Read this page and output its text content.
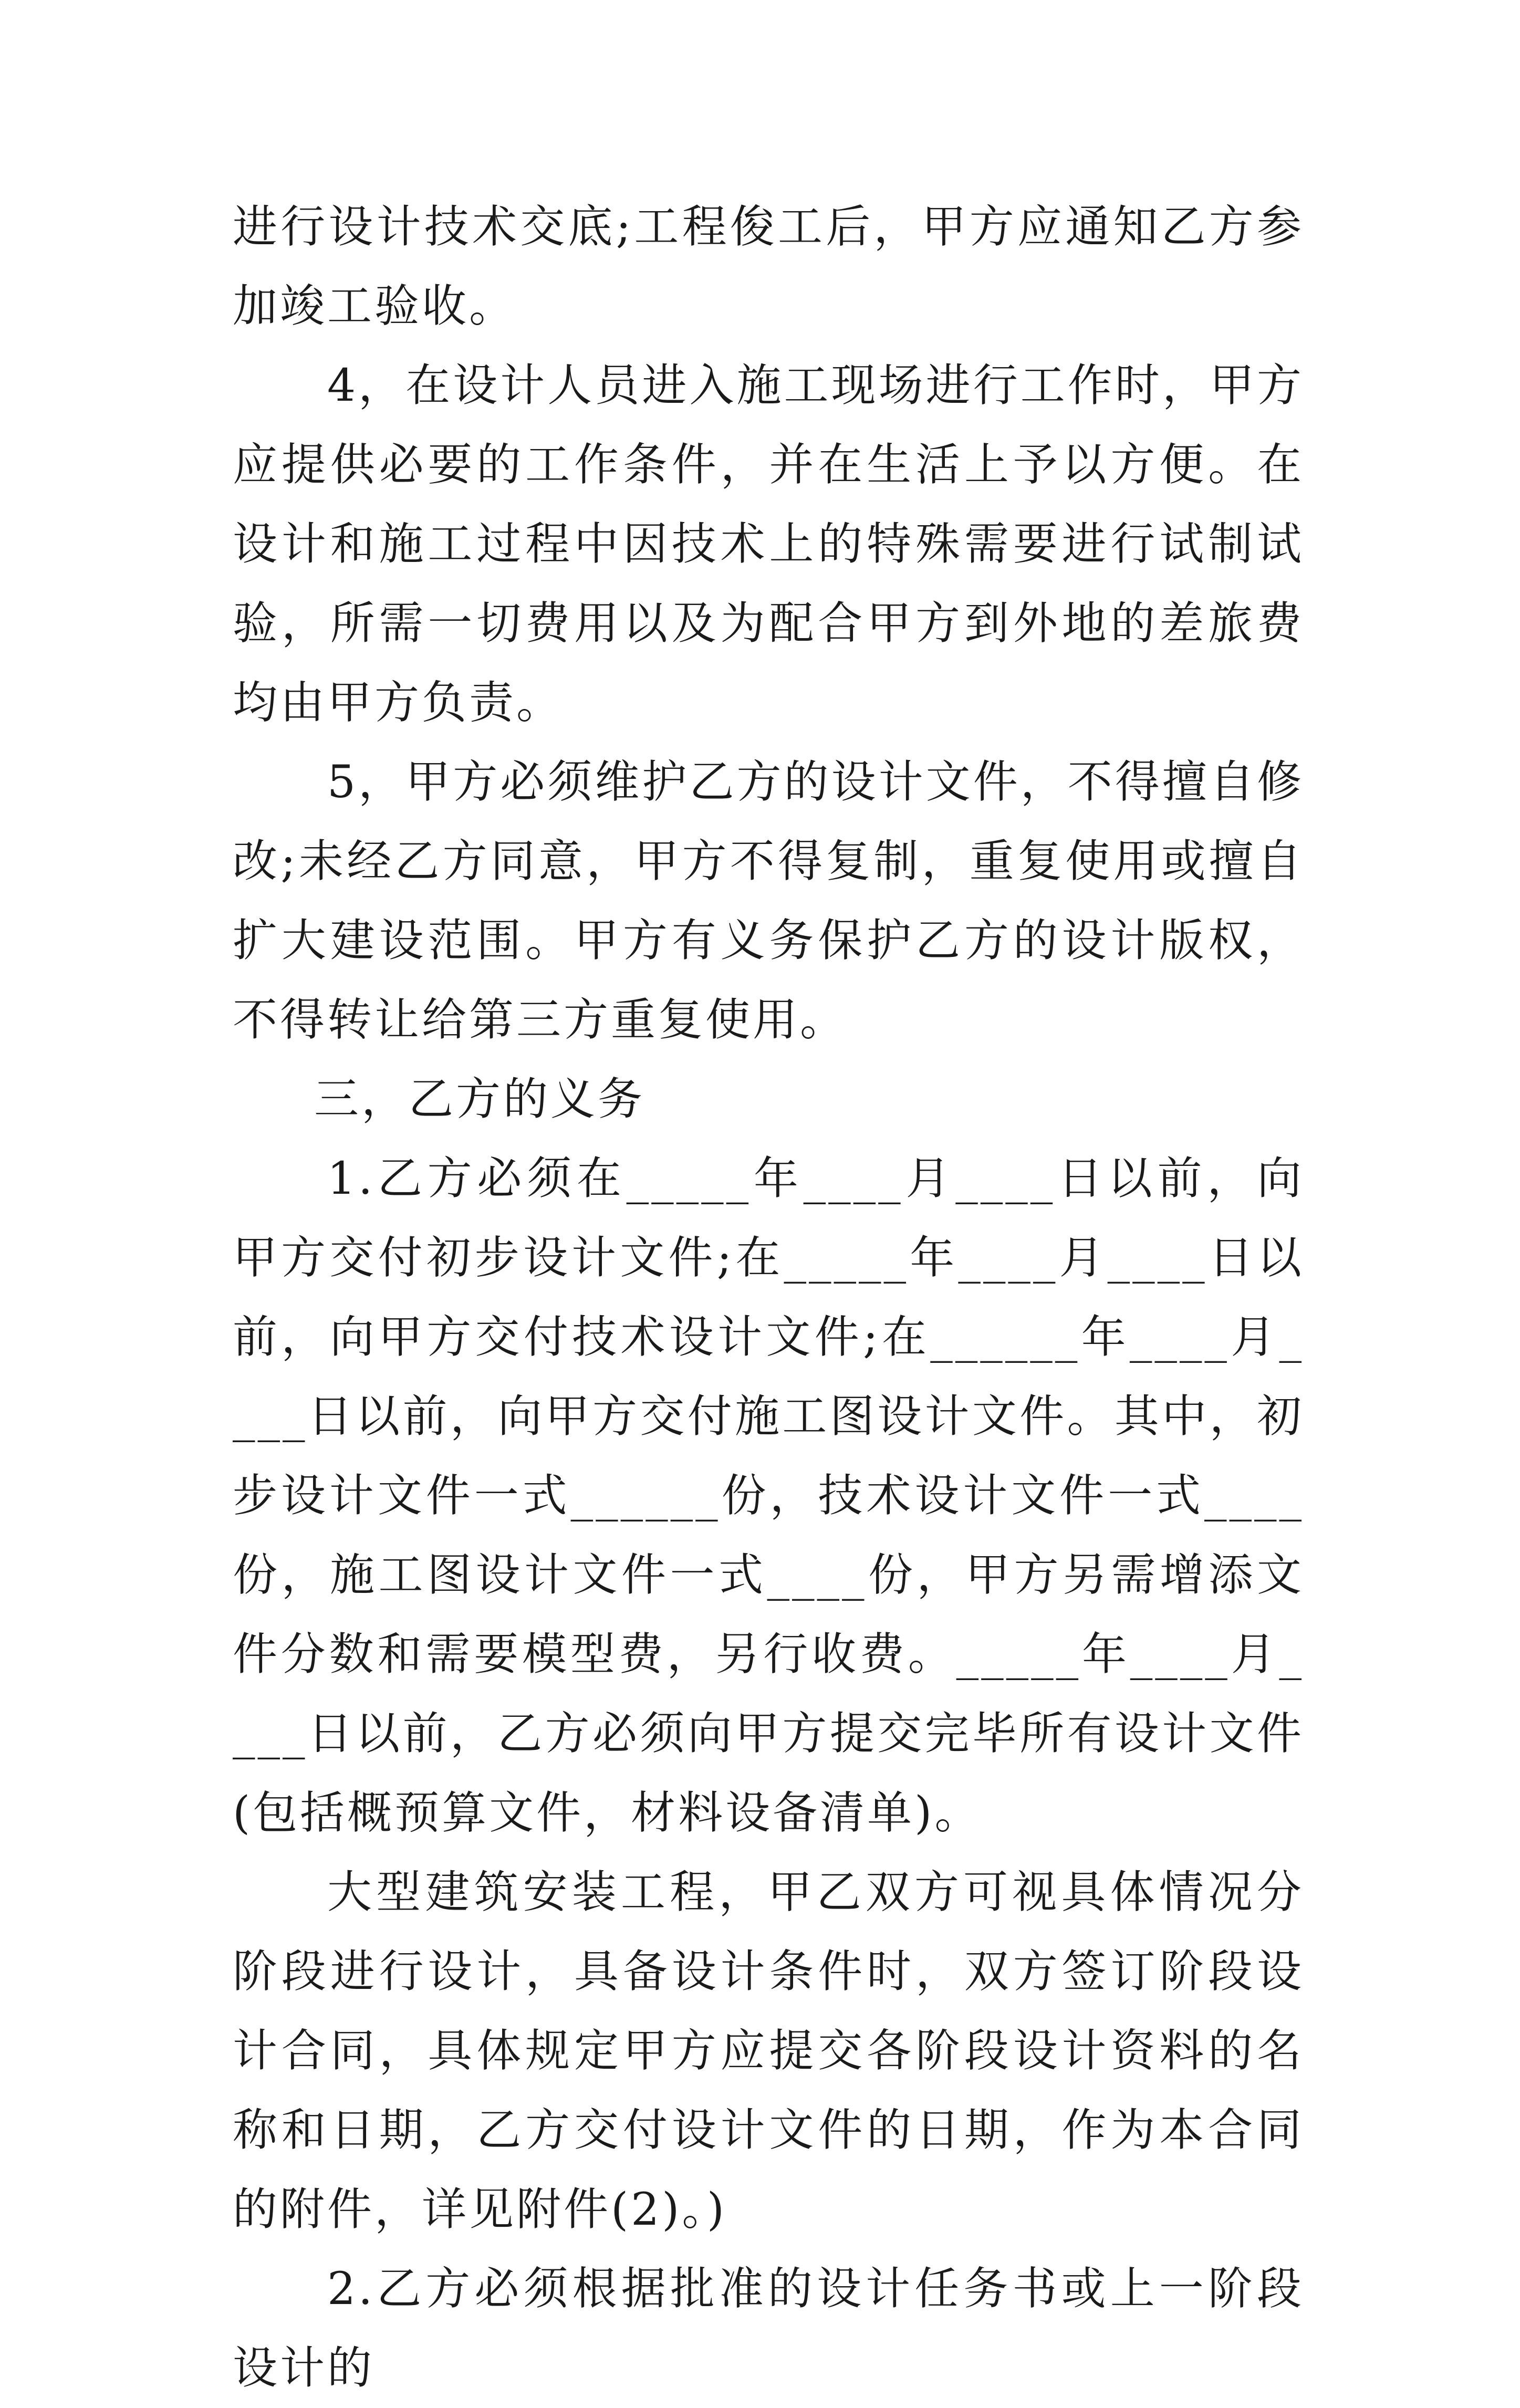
进行设计技术交底;工程俊工后，甲方应通知乙方参加竣工验收。

4，在设计人员进入施工现场进行工作时，甲方应提供必要的工作条件，并在生活上予以方便。在设计和施工过程中因技术上的特殊需要进行试制试验，所需一切费用以及为配合甲方到外地的差旅费均由甲方负责。

5，甲方必须维护乙方的设计文件，不得擅自修改;未经乙方同意，甲方不得复制，重复使用或擅自扩大建设范围。甲方有义务保护乙方的设计版权，不得转让给第三方重复使用。

三，乙方的义务

1.乙方必须在_____年____月____日以前，向甲方交付初步设计文件;在_____年____月____日以前，向甲方交付技术设计文件;在______年____月____日以前，向甲方交付施工图设计文件。其中，初步设计文件一式______份，技术设计文件一式____份，施工图设计文件一式____份，甲方另需增添文件分数和需要模型费，另行收费。_____年____月____日以前，乙方必须向甲方提交完毕所有设计文件(包括概预算文件，材料设备清单)。

大型建筑安装工程，甲乙双方可视具体情况分阶段进行设计，具备设计条件时，双方签订阶段设计合同，具体规定甲方应提交各阶段设计资料的名称和日期，乙方交付设计文件的日期，作为本合同的附件，详见附件(2)。)

2.乙方必须根据批准的设计任务书或上一阶段设计的
